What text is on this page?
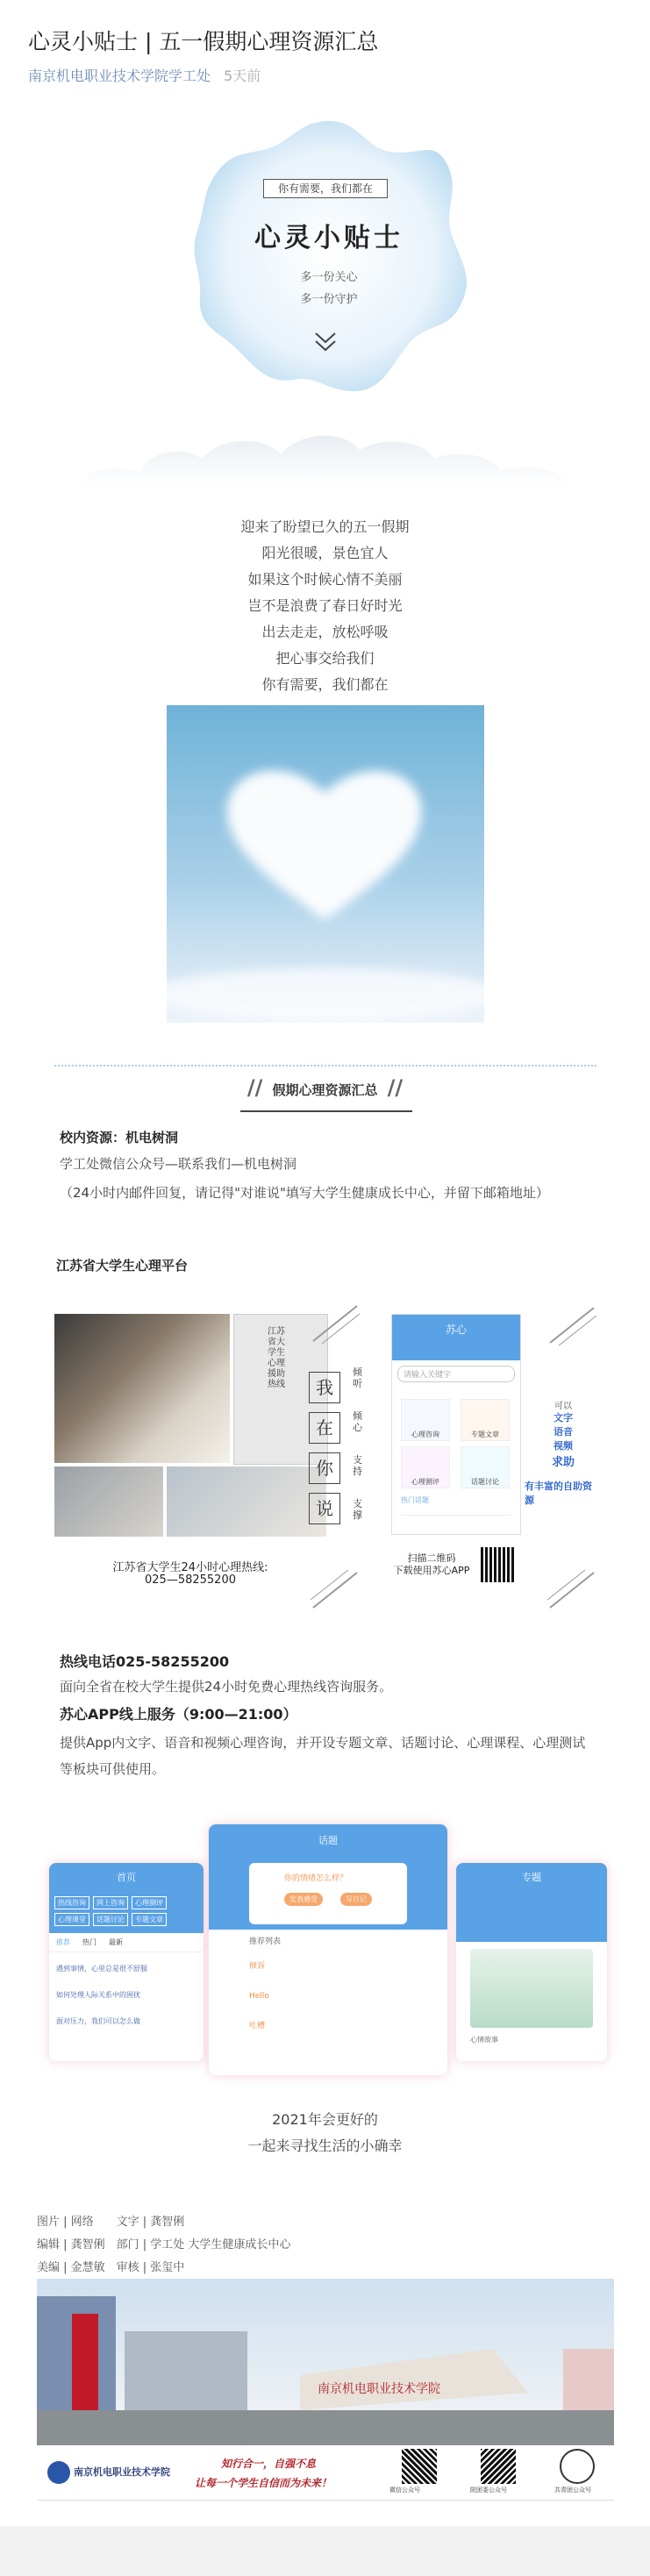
心灵小贴士 | 五一假期心理资源汇总
南京机电职业技术学院学工处 5天前
你有需要，我们都在
心灵小贴士
多一份关心
多一份守护
迎来了盼望已久的五一假期
阳光很暖，景色宜人
如果这个时候心情不美丽
岂不是浪费了春日好时光
出去走走，放松呼吸
把心事交给我们
你有需要，我们都在
// 假期心理资源汇总 //
校内资源：机电树洞
学工处微信公众号—联系我们—机电树洞
（24小时内邮件回复，请记得"对谁说"填写大学生健康成长中心，并留下邮箱地址）
江苏省大学生心理平台
江苏省大学生心理援助热线
江苏省大学生24小时心理热线:
025—58255200
我
在
你
说
倾听
倾心
支持
支撑
苏心
请输入关键字
心理咨询	专题文章
心理测评	话题讨论
热门话题
扫描二维码
下载使用苏心APP
可以
文字
语音
视频
求助
有丰富的自助资源
热线电话025-58255200
面向全省在校大学生提供24小时免费心理热线咨询服务。
苏心APP线上服务（9:00—21:00）
提供App内文字、语音和视频心理咨询，并开设专题文章、话题讨论、心理课程、心理测试等板块可供使用。
首页
热线咨询	网上咨询	心理测评
心理课堂	话题讨论	专题文章
推荐 热门 最新
遇到事情，心里总是很不舒服
如何处理人际关系中的困扰
面对压力，我们可以怎么做
话题
你的情绪怎么样？
发表感受	写日记
推荐列表
倾诉
Hello
吐槽
专题
心情故事
2021年会更好的
一起来寻找生活的小确幸
图片 | 网络　　文字 | 龚智俐
编辑 | 龚智俐　部门 | 学工处 大学生健康成长中心
美编 | 金慧敏　审核 | 张玺中
南京机电职业技术学院
南京机电职业技术学院
知行合一，自强不息
让每一个学生自信而为未来！
微信公众号	院团委公众号	共青团公众号
